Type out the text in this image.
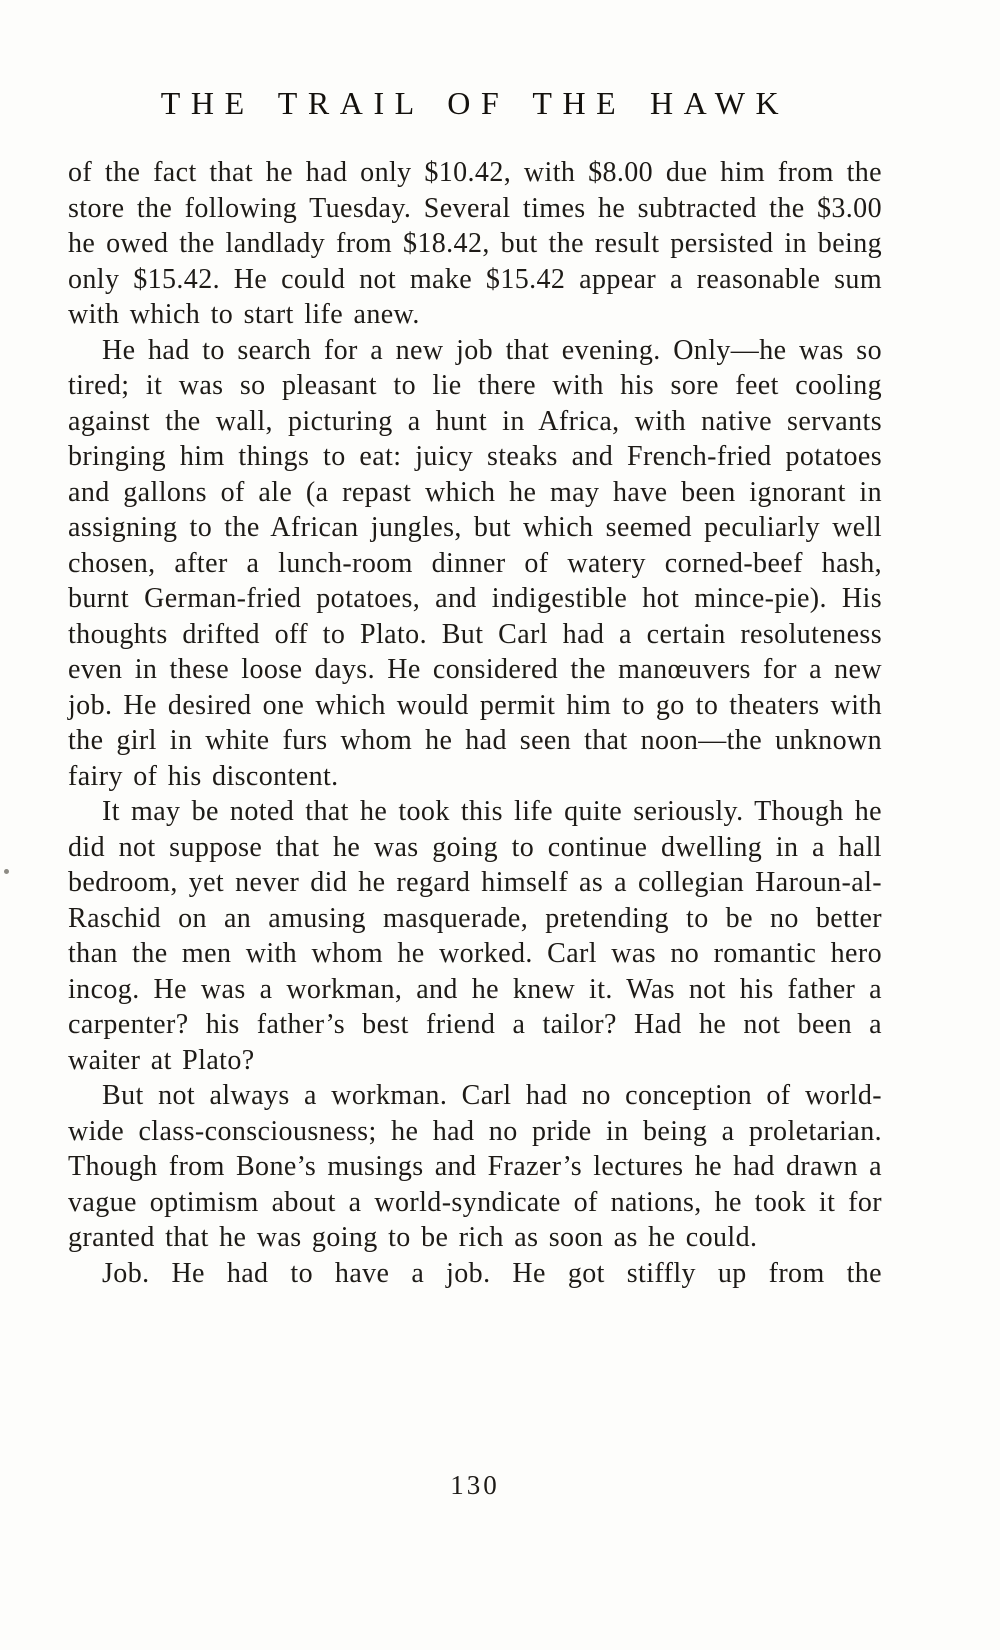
THE TRAIL OF THE HAWK

of the fact that he had only $10.42, with $8.00 due him from the store the following Tuesday. Several times he subtracted the $3.00 he owed the landlady from $18.42, but the result persisted in being only $15.42. He could not make $15.42 appear a reasonable sum with which to start life anew.

He had to search for a new job that evening. Only—he was so tired; it was so pleasant to lie there with his sore feet cooling against the wall, picturing a hunt in Africa, with native servants bringing him things to eat: juicy steaks and French-fried potatoes and gallons of ale (a repast which he may have been ignorant in assigning to the African jungles, but which seemed peculiarly well chosen, after a lunch-room dinner of watery corned-beef hash, burnt German-fried potatoes, and indigestible hot mince-pie). His thoughts drifted off to Plato. But Carl had a certain resoluteness even in these loose days. He considered the manœuvers for a new job. He desired one which would permit him to go to theaters with the girl in white furs whom he had seen that noon—the unknown fairy of his discontent.

It may be noted that he took this life quite seriously. Though he did not suppose that he was going to continue dwelling in a hall bedroom, yet never did he regard himself as a collegian Haroun-al-Raschid on an amusing masquerade, pretending to be no better than the men with whom he worked. Carl was no romantic hero incog. He was a workman, and he knew it. Was not his father a carpenter? his father’s best friend a tailor? Had he not been a waiter at Plato?

But not always a workman. Carl had no conception of world-wide class-consciousness; he had no pride in being a proletarian. Though from Bone’s musings and Frazer’s lectures he had drawn a vague optimism about a world-syndicate of nations, he took it for granted that he was going to be rich as soon as he could.

Job. He had to have a job. He got stiffly up from the

130
